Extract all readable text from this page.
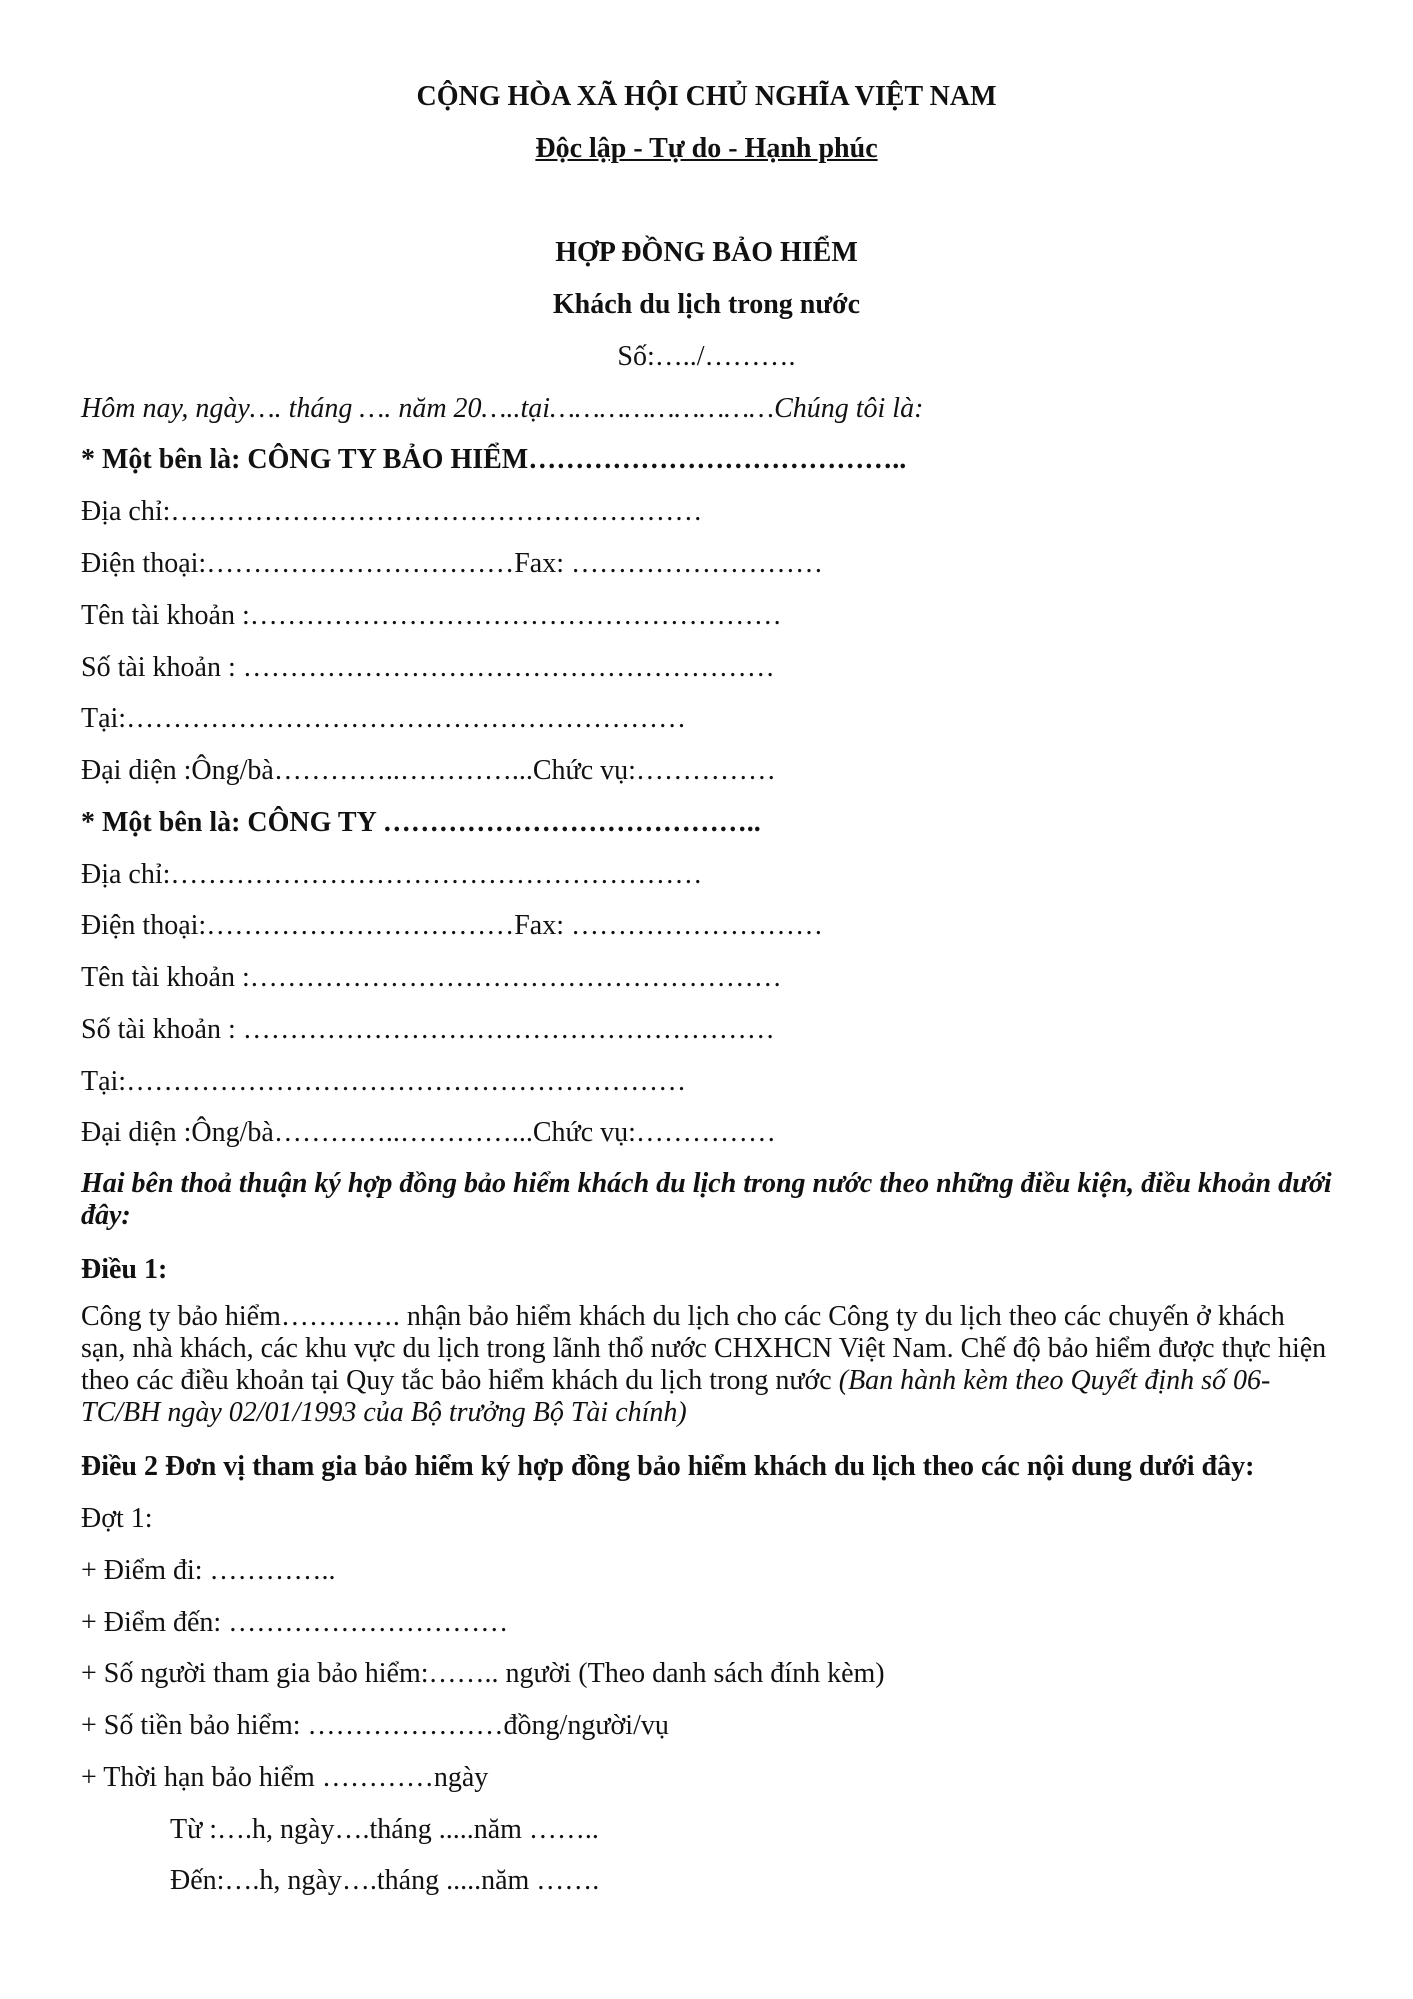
CỘNG HÒA XÃ HỘI CHỦ NGHĨA VIỆT NAM
Độc lập - Tự do - Hạnh phúc
HỢP ĐỒNG BẢO HIỂM
Khách du lịch trong nước
Số:…../……….
Hôm nay, ngày…. tháng …. năm 20…..tại………………………Chúng tôi là:
* Một bên là: CÔNG TY BẢO HIỂM…………………………………..
Địa chỉ:…………………………………………………
Điện thoại:……………………………Fax: ………………………
Tên tài khoản :…………………………………………………
Số tài khoản : …………………………………………………
Tại:……………………………………………………
Đại diện :Ông/bà…………..…………...Chức vụ:……………
* Một bên là: CÔNG TY …………………………………..
Địa chỉ:…………………………………………………
Điện thoại:……………………………Fax: ………………………
Tên tài khoản :…………………………………………………
Số tài khoản : …………………………………………………
Tại:……………………………………………………
Đại diện :Ông/bà…………..…………...Chức vụ:……………
Hai bên thoả thuận ký hợp đồng bảo hiểm khách du lịch trong nước theo những điều kiện, điều khoản dưới đây:
Điều 1:
Công ty bảo hiểm…………. nhận bảo hiểm khách du lịch cho các Công ty du lịch theo các chuyến ở khách sạn, nhà khách, các khu vực du lịch trong lãnh thổ nước CHXHCN Việt Nam. Chế độ bảo hiểm được thực hiện theo các điều khoản tại Quy tắc bảo hiểm khách du lịch trong nước (Ban hành kèm theo Quyết định số 06- TC/BH ngày 02/01/1993 của Bộ trưởng Bộ Tài chính)
Điều 2 Đơn vị tham gia bảo hiểm ký hợp đồng bảo hiểm khách du lịch theo các nội dung dưới đây:
Đợt 1:
+ Điểm đi: …………..
+ Điểm đến: …………………………
+ Số người tham gia bảo hiểm:…….. người (Theo danh sách đính kèm)
+ Số tiền bảo hiểm: …………………đồng/người/vụ
+ Thời hạn bảo hiểm …………ngày
Từ :….h, ngày….tháng .....năm ……..
Đến:….h, ngày….tháng .....năm …….
